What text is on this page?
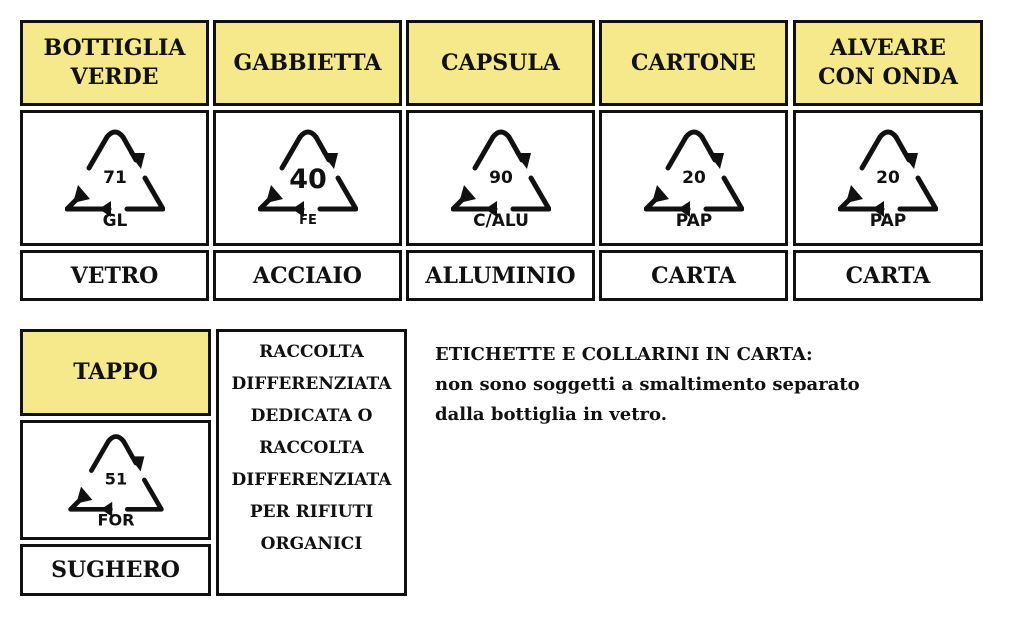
BOTTIGLIA
VERDE
71
GL
VETRO
GABBIETTA
40
FE
ACCIAIO
CAPSULA
90
C/ALU
ALLUMINIO
CARTONE
20
PAP
CARTA
ALVEARE
CON ONDA
20
PAP
CARTA
TAPPO
51
FOR
SUGHERO
RACCOLTA
DIFFERENZIATA
DEDICATA O
RACCOLTA
DIFFERENZIATA
PER RIFIUTI
ORGANICI
ETICHETTE E COLLARINI IN CARTA:
non sono soggetti a smaltimento separato
dalla bottiglia in vetro.
